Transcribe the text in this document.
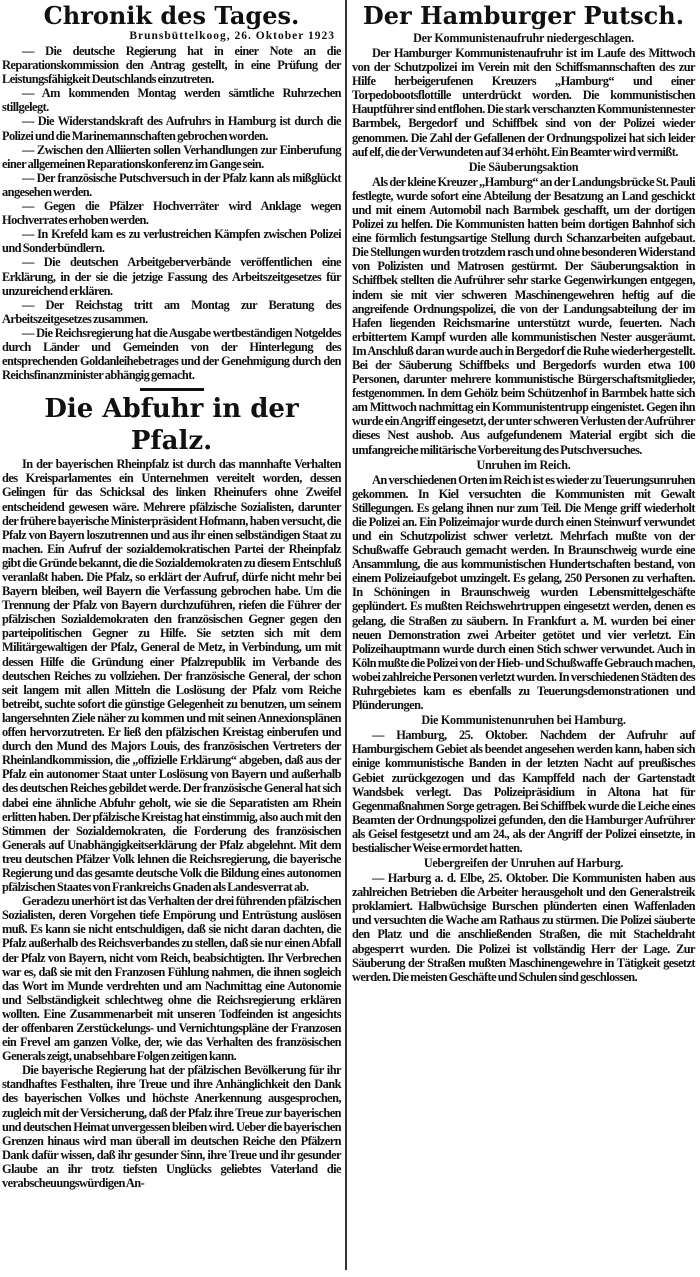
Chronik des Tages.
Brunsbüttelkoog, 26. Oktober 1923

— Die deutsche Regierung hat in einer Note an die Reparationskommission den Antrag gestellt, in eine Prüfung der Leistungsfähigkeit Deutschlands einzutreten.

— Am kommenden Montag werden sämtliche Ruhrzechen stillgelegt.

— Die Widerstandskraft des Aufruhrs in Hamburg ist durch die Polizei und die Marinemannschaften gebrochen worden.

— Zwischen den Alliierten sollen Verhandlungen zur Einberufung einer allgemeinen Reparationskonferenz im Gange sein.

— Der französische Putschversuch in der Pfalz kann als mißglückt angesehen werden.

— Gegen die Pfälzer Hochverräter wird Anklage wegen Hochverrates erhoben werden.

— In Krefeld kam es zu verlustreichen Kämpfen zwischen Polizei und Sonderbündlern.

— Die deutschen Arbeitgeberverbände veröffentlichen eine Erklärung, in der sie die jetzige Fassung des Arbeitszeitgesetzes für unzureichend erklären.

— Der Reichstag tritt am Montag zur Beratung des Arbeitszeitgesetzes zusammen.

— Die Reichsregierung hat die Ausgabe wertbeständigen Notgeldes durch Länder und Gemeinden von der Hinterlegung des entsprechenden Goldanleihebetrages und der Genehmigung durch den Reichsfinanzminister abhängig gemacht.

Die Abfuhr in der Pfalz.

In der bayerischen Rheinpfalz ist durch das mannhafte Verhalten des Kreisparlamentes ein Unternehmen vereitelt worden, dessen Gelingen für das Schicksal des linken Rheinufers ohne Zweifel entscheidend gewesen wäre. Mehrere pfälzische Sozialisten, darunter der frühere bayerische Ministerpräsident Hofmann, haben versucht, die Pfalz von Bayern loszutrennen und aus ihr einen selbständigen Staat zu machen. Ein Aufruf der sozialdemokratischen Partei der Rheinpfalz gibt die Gründe bekannt, die die Sozialdemokraten zu diesem Entschluß veranlaßt haben. Die Pfalz, so erklärt der Aufruf, dürfe nicht mehr bei Bayern bleiben, weil Bayern die Verfassung gebrochen habe. Um die Trennung der Pfalz von Bayern durchzuführen, riefen die Führer der pfälzischen Sozialdemokraten den französischen Gegner gegen den parteipolitischen Gegner zu Hilfe. Sie setzten sich mit dem Militärgewaltigen der Pfalz, General de Metz, in Verbindung, um mit dessen Hilfe die Gründung einer Pfalzrepublik im Verbande des deutschen Reiches zu vollziehen. Der französische General, der schon seit langem mit allen Mitteln die Loslösung der Pfalz vom Reiche betreibt, suchte sofort die günstige Gelegenheit zu benutzen, um seinem langersehnten Ziele näher zu kommen und mit seinen Annexionsplänen offen hervorzutreten. Er ließ den pfälzischen Kreistag einberufen und durch den Mund des Majors Louis, des französischen Vertreters der Rheinlandkommission, die „offizielle Erklärung“ abgeben, daß aus der Pfalz ein autonomer Staat unter Loslösung von Bayern und außerhalb des deutschen Reiches gebildet werde. Der französische General hat sich dabei eine ähnliche Abfuhr geholt, wie sie die Separatisten am Rhein erlitten haben. Der pfälzische Kreistag hat einstimmig, also auch mit den Stimmen der Sozialdemokraten, die Forderung des französischen Generals auf Unabhängigkeitserklärung der Pfalz abgelehnt. Mit dem treu deutschen Pfälzer Volk lehnen die Reichsregierung, die bayerische Regierung und das gesamte deutsche Volk die Bildung eines autonomen pfälzischen Staates von Frankreichs Gnaden als Landesverrat ab.

Geradezu unerhört ist das Verhalten der drei führenden pfälzischen Sozialisten, deren Vorgehen tiefe Empörung und Entrüstung auslösen muß. Es kann sie nicht entschuldigen, daß sie nicht daran dachten, die Pfalz außerhalb des Reichsverbandes zu stellen, daß sie nur einen Abfall der Pfalz von Bayern, nicht vom Reich, beabsichtigten. Ihr Verbrechen war es, daß sie mit den Franzosen Fühlung nahmen, die ihnen sogleich das Wort im Munde verdrehten und am Nachmittag eine Autonomie und Selbständigkeit schlechtweg ohne die Reichsregierung erklären wollten. Eine Zusammenarbeit mit unseren Todfeinden ist angesichts der offenbaren Zerstückelungs- und Vernichtungspläne der Franzosen ein Frevel am ganzen Volke, der, wie das Verhalten des französischen Generals zeigt, unabsehbare Folgen zeitigen kann.

Die bayerische Regierung hat der pfälzischen Bevölkerung für ihr standhaftes Festhalten, ihre Treue und ihre Anhänglichkeit den Dank des bayerischen Volkes und höchste Anerkennung ausgesprochen, zugleich mit der Versicherung, daß der Pfalz ihre Treue zur bayerischen und deutschen Heimat unvergessen bleiben wird. Ueber die bayerischen Grenzen hinaus wird man überall im deutschen Reiche den Pfälzern Dank dafür wissen, daß ihr gesunder Sinn, ihre Treue und ihr gesunder Glaube an ihr trotz tiefsten Unglücks geliebtes Vaterland die verabscheuungswürdigen An-

Der Hamburger Putsch.
Der Kommunistenaufruhr niedergeschlagen.

Der Hamburger Kommunistenaufruhr ist im Laufe des Mittwoch von der Schutzpolizei im Verein mit den Schiffsmannschaften des zur Hilfe herbeigerufenen Kreuzers „Hamburg“ und einer Torpedobootsflottille unterdrückt worden. Die kommunistischen Hauptführer sind entflohen. Die stark verschanzten Kommunistennester Barmbek, Bergedorf und Schiffbek sind von der Polizei wieder genommen. Die Zahl der Gefallenen der Ordnungspolizei hat sich leider auf elf, die der Verwundeten auf 34 erhöht. Ein Beamter wird vermißt.

Die Säuberungsaktion

Als der kleine Kreuzer „Hamburg“ an der Landungsbrücke St. Pauli festlegte, wurde sofort eine Abteilung der Besatzung an Land geschickt und mit einem Automobil nach Barmbek geschafft, um der dortigen Polizei zu helfen. Die Kommunisten hatten beim dortigen Bahnhof sich eine förmlich festungsartige Stellung durch Schanzarbeiten aufgebaut. Die Stellungen wurden trotzdem rasch und ohne besonderen Widerstand von Polizisten und Matrosen gestürmt. Der Säuberungsaktion in Schiffbek stellten die Aufrührer sehr starke Gegenwirkungen entgegen, indem sie mit vier schweren Maschinengewehren heftig auf die angreifende Ordnungspolizei, die von der Landungsabteilung der im Hafen liegenden Reichsmarine unterstützt wurde, feuerten. Nach erbittertem Kampf wurden alle kommunistischen Nester ausgeräumt. Im Anschluß daran wurde auch in Bergedorf die Ruhe wiederhergestellt. Bei der Säuberung Schiffbeks und Bergedorfs wurden etwa 100 Personen, darunter mehrere kommunistische Bürgerschaftsmitglieder, festgenommen. In dem Gehölz beim Schützenhof in Barmbek hatte sich am Mittwoch nachmittag ein Kommunistentrupp eingenistet. Gegen ihn wurde ein Angriff eingesetzt, der unter schweren Verlusten der Aufrührer dieses Nest aushob. Aus aufgefundenem Material ergibt sich die umfangreiche militärische Vorbereitung des Putschversuches.

Unruhen im Reich.

An verschiedenen Orten im Reich ist es wieder zu Teuerungsunruhen gekommen. In Kiel versuchten die Kommunisten mit Gewalt Stillegungen. Es gelang ihnen nur zum Teil. Die Menge griff wiederholt die Polizei an. Ein Polizeimajor wurde durch einen Steinwurf verwundet und ein Schutzpolizist schwer verletzt. Mehrfach mußte von der Schußwaffe Gebrauch gemacht werden. In Braunschweig wurde eine Ansammlung, die aus kommunistischen Hundertschaften bestand, von einem Polizeiaufgebot umzingelt. Es gelang, 250 Personen zu verhaften. In Schöningen in Braunschweig wurden Lebensmittelgeschäfte geplündert. Es mußten Reichswehrtruppen eingesetzt werden, denen es gelang, die Straßen zu säubern. In Frankfurt a. M. wurden bei einer neuen Demonstration zwei Arbeiter getötet und vier verletzt. Ein Polizeihauptmann wurde durch einen Stich schwer verwundet. Auch in Köln mußte die Polizei von der Hieb- und Schußwaffe Gebrauch machen, wobei zahlreiche Personen verletzt wurden. In verschiedenen Städten des Ruhrgebietes kam es ebenfalls zu Teuerungsdemonstrationen und Plünderungen.

Die Kommunistenunruhen bei Hamburg.

— Hamburg, 25. Oktober. Nachdem der Aufruhr auf Hamburgischem Gebiet als beendet angesehen werden kann, haben sich einige kommunistische Banden in der letzten Nacht auf preußisches Gebiet zurückgezogen und das Kampffeld nach der Gartenstadt Wandsbek verlegt. Das Polizeipräsidium in Altona hat für Gegenmaßnahmen Sorge getragen. Bei Schiffbek wurde die Leiche eines Beamten der Ordnungspolizei gefunden, den die Hamburger Aufrührer als Geisel festgesetzt und am 24., als der Angriff der Polizei einsetzte, in bestialischer Weise ermordet hatten.

Uebergreifen der Unruhen auf Harburg.

— Harburg a. d. Elbe, 25. Oktober. Die Kommunisten haben aus zahlreichen Betrieben die Arbeiter herausgeholt und den Generalstreik proklamiert. Halbwüchsige Burschen plünderten einen Waffenladen und versuchten die Wache am Rathaus zu stürmen. Die Polizei säuberte den Platz und die anschließenden Straßen, die mit Stacheldraht abgesperrt wurden. Die Polizei ist vollständig Herr der Lage. Zur Säuberung der Straßen mußten Maschinengewehre in Tätigkeit gesetzt werden. Die meisten Geschäfte und Schulen sind geschlossen.
